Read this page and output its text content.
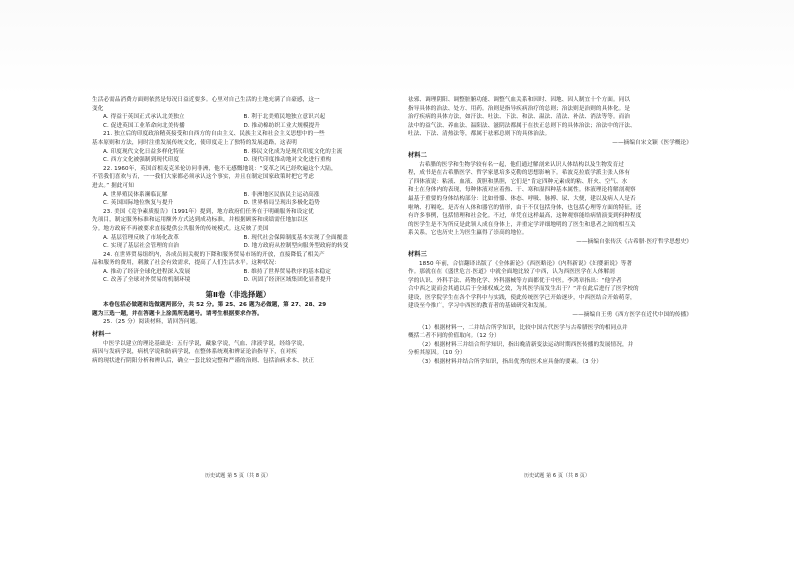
生活必需品消费方面则依然是每况日益近要多。心里对自己生活的土地充满了自豪感，这一
变化
A. 得益于英国正式承认北美独立	B. 利于北美殖民地独立意识兴起
C. 促进英国工业革命向北美传播	D. 推动棉纺织工业大规模提升
21. 独立后的印度政治精英接受和自西方的自由主义、民族主义和社会主义思想中的一些
基本原则和方法，同时注重发展传统文化，使印度走上了独特的发展道路，这表明
A. 印度现代文化日益多样化特征	B. 移民文化成为是现代印度文化的主流
C. 西方文化被强制到现代印度	D. 现代印度推动地对文化进行重构
22. 1960年，英国首相麦克米伦访问非洲，他不无感慨地说：“变革之风已经吹遍这个大陆，
不管我们喜欢与否，一一我们大家都必须承认这个事实，并且在制定国家政策时把它考虑
进去。” 据此可知
A. 世界殖民体系濒临瓦解	B. 非洲地区民族民主运动高涨
C. 英国国际地位恢复与提升	D. 世界格局呈现出多极化趋势
23. 美国《竞争素质报告》（1991年）提到，地方政府们任务在于明确服务和设定优
先项目，制定服务标准和运用额外方式达到成功标准，并根据顾客和成绩需任地加以区
分。地方政府不再被要求直接提供公共服务的传统模式。这反映了美国
A. 基层管理反映了市场化改革	B. 现代社会保障制度基本实现了全面覆盖
C. 实现了基层社会管理的自治	D. 地方政府从控制型向服务型政府的转变
24. 在世界贸易组织内，各成员间关税的下降和服务贸易市场的开放，直接降低了相关产
品和服务的费用，刺激了社会有效需求，提高了人们生活水平。这种状况：
A. 推动了经济全球化进程深入发展	B. 维持了世界贸易秩序的基本稳定
C. 改善了全球对外贸易的机制环境	D. 巩固了经济区域集团化显著提升
第Ⅱ卷（非选择题）
本卷包括必做题和选做题两部分，共 52 分。第 25、26 题为必做题，第 27、28、29
题为三选一题，并在答题卡上涂黑所选题号。请考生根据要求作答。
25.（25 分）阅读材料，请回答问题。
材料一
中医学以建立的理论基础是：五行学说，藏象学说，气血、津液学说，经络学说，
病因与发病学说，病机学说和防病学说，在整体系统观和辨证论治指导下，在对疾
病的现状进行阴阳分析和辨认后，确立一套比较完整和严谨的治则、包括治病求本、扶正
历史试题 第 5 页（共 8 页）
祛邪、调理阴阳、调整脏腑功能、调整气血关系和因时、因地、因人制宜十个方面。同以
指导具体的治法、处方、用药。治则是指导疾病治疗的总则；治法则是治则的具体化。是
治疗疾病的具体方法，如汗法、吐法、下法、和法、温法、清法、补法、消法等等。而治
法中的益气法、养血法、温阳法、滋阴法都属于在扶正总则下的具体治法；治法中的汗法、
吐法、下法、清热法等，都属于祛邪总则下的具体治法。
——摘编自宋文颖《医学概论》
材料二
古希腊的医学和生物学较有名一起，他们通过解剖来认识人体结构以及生物发育过
程，成书是在古希腊医学、哲学家恩培多克勒的思想影响下。希波克拉底学派主张人体有
了四体液说：粘液、血液、黄胆和黑胆，它们是“肯定四种元素成的粘、肝火、空气、水
和土在身体内的表现，每种体液对应着热、干、寒和湿四种基本属性。体液理论将解剖观察
最基于重要的身体结构部分：比如骨骼、体态、呼吸、脉搏、尿、大便，建以及病人人是否
啦呐、打嗝吃，是否有人体和器官的情形，由于不仅包括身体，也包括心理等方面的特征，还
有许多事例，包括情理和社会化。不过，单凭在这样最高，这种观察能给病情演变到何种程度
的医学生是不为所反是此领人成在身体上，并重定学评细地明的了医生和患者之间的相互关
系关系，它也历史上为医生赢得了崇高的地位。
——摘编自张传沃《古希腊·医疗哲学思想史》
材料三
1850 年前，合信翻译出版了《全体新论》《西医略论》《内科新说》《妇婴新说》等著
作。那就在在《盛世危言·医道》中就全面地比较了中西，认为西医医学在人体解剖
学的认识、外科手法、药物化学、外科器械等方面都优于中医。李鸿章指出：“他学者
合中西之说而会其通以后于全球权威之效，为其医学而发生出于？”并在此后进行了医学校的
建设，医学院学生在各个学科中与实践，使此传统医学已开始逐步，中西医结合开始萌芽，
建设至今推广，学习中西医的教育者的基础研究和发展。
——摘编自王勇《西方医学在近代中国的传播》
（1）根据材料一，二并结合所学知识，比较中国古代医学与古希腊医学的相同点并
概括二者不同的价值取向。（12 分）
（2）根据材料三并结合所学知识，指出晚清新变法运动时期西医传播的发展情况，并
分析其原因。（10 分）
（3）根据材料并结合所学知识，指出优秀的医术应具备的要素。（3 分）
历史试题 第 6 页（共 8 页）
